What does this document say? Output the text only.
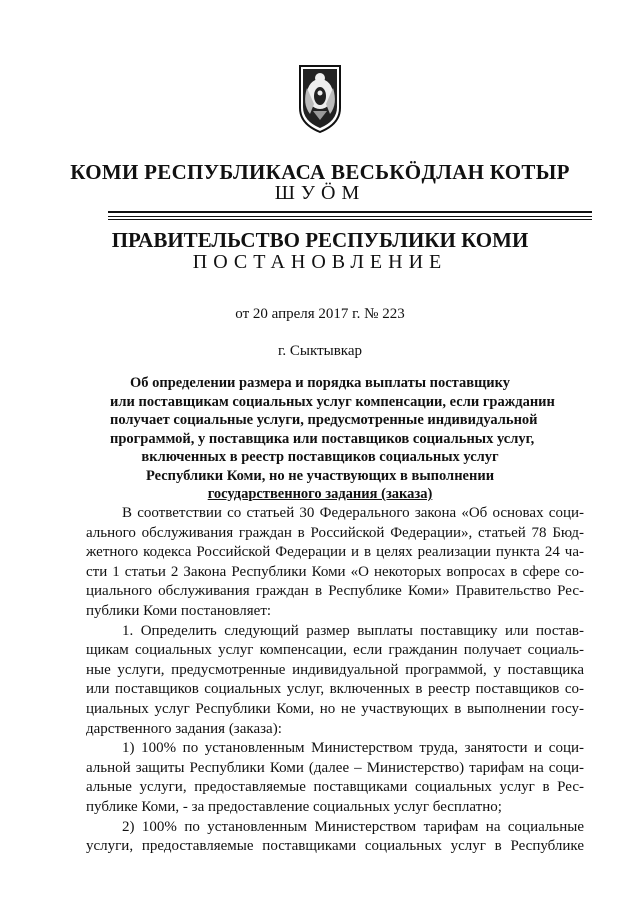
КОМИ РЕСПУБЛИКАСА ВЕСЬКÖДЛАН КОТЫР
ШУÖМ
ПРАВИТЕЛЬСТВО РЕСПУБЛИКИ КОМИ
ПОСТАНОВЛЕНИЕ
от 20 апреля 2017 г. № 223
г. Сыктывкар
Об определении размера и порядка выплаты поставщику
или поставщикам социальных услуг компенсации, если гражданин
получает социальные услуги, предусмотренные индивидуальной
программой, у поставщика или поставщиков социальных услуг,
включенных в реестр поставщиков социальных услуг
Республики Коми, но не участвующих в выполнении
государственного задания (заказа)
В соответствии со статьей 30 Федерального закона «Об основах соци-
ального обслуживания граждан в Российской Федерации», статьей 78 Бюд-
жетного кодекса Российской Федерации и в целях реализации пункта 24 ча-
сти 1 статьи 2 Закона Республики Коми «О некоторых вопросах в сфере со-
циального обслуживания граждан в Республике Коми» Правительство Рес-
публики Коми постановляет:
1. Определить следующий размер выплаты поставщику или постав-
щикам социальных услуг компенсации, если гражданин получает социаль-
ные услуги, предусмотренные индивидуальной программой, у поставщика
или поставщиков социальных услуг, включенных в реестр поставщиков со-
циальных услуг Республики Коми, но не участвующих в выполнении госу-
дарственного задания (заказа):
1) 100% по установленным Министерством труда, занятости и соци-
альной защиты Республики Коми (далее – Министерство) тарифам на соци-
альные услуги, предоставляемые поставщиками социальных услуг в Рес-
публике Коми, - за предоставление социальных услуг бесплатно;
2) 100% по установленным Министерством тарифам на социальные
услуги, предоставляемые поставщиками социальных услуг в Республике
